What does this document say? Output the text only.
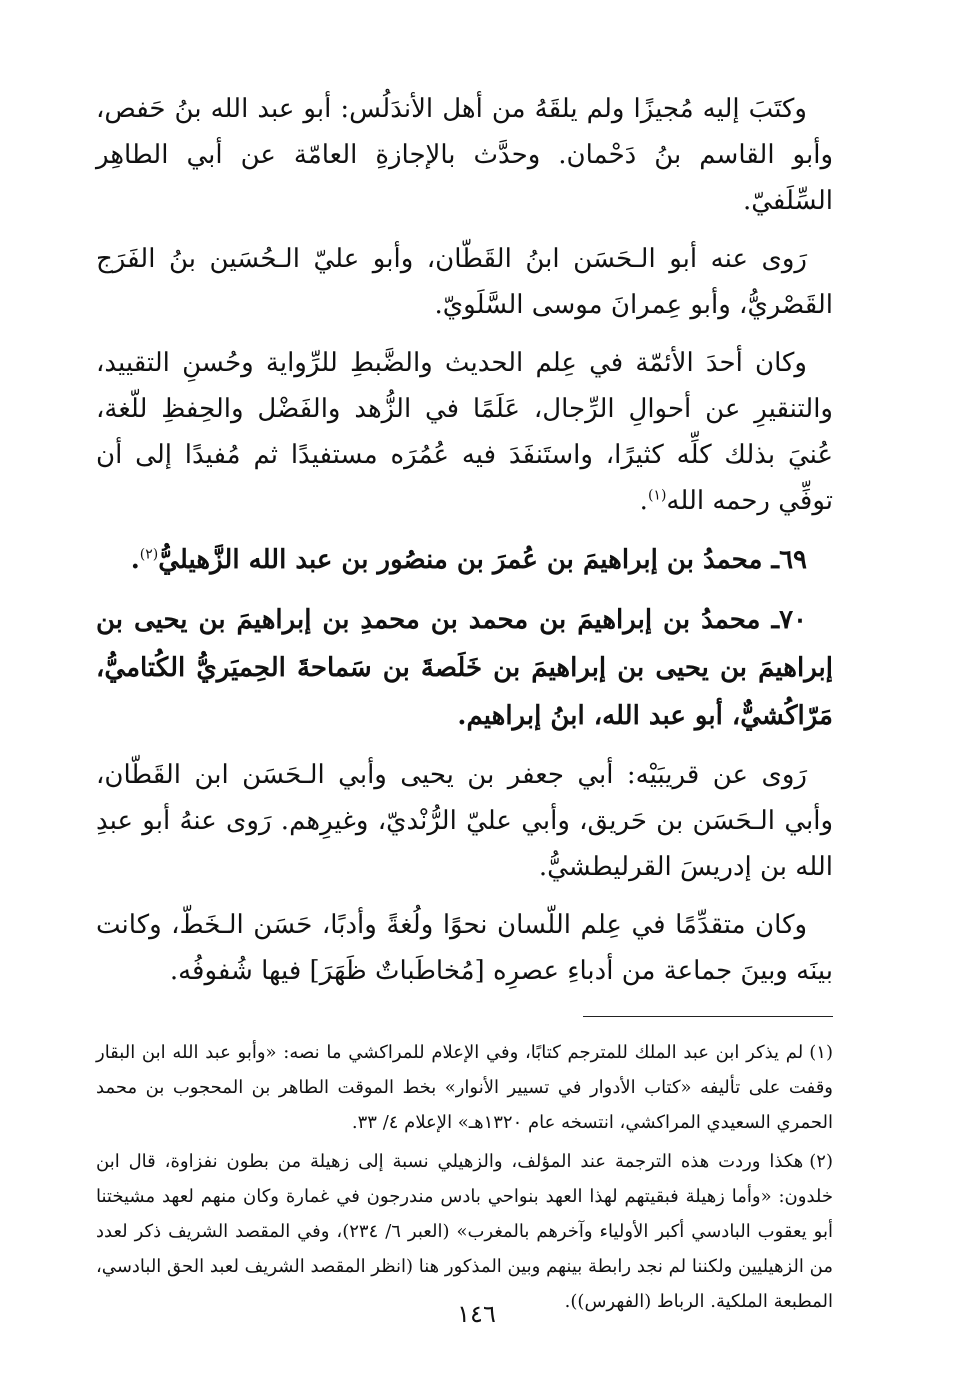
وكتَبَ إليه مُجيزًا ولم يلقَهُ من أهل الأندَلُس: أبو عبد الله بنُ حَفص، وأبو القاسم بنُ دَحْمان. وحدَّث بالإجازةِ العامّة عن أبي الطاهِر السِّلَفيّ.

رَوى عنه أبو الـحَسَن ابنُ القَطّان، وأبو عليّ الـحُسَين بنُ الفَرَج القَصْريُّ، وأبو عِمرانَ موسى السَّلَويّ.

وكان أحدَ الأئمّة في عِلم الحديث والضَّبطِ للرِّواية وحُسنِ التقييد، والتنقيرِ عن أحوالِ الرِّجال، عَلَمًا في الزُّهد والفَضْل والحِفظِ للّغة، عُنيَ بذلك كلِّه كثيرًا، واستَنفَدَ فيه عُمُرَه مستفيدًا ثم مُفيدًا إلى أن توفِّي رحمه الله$^{(١)}$.

٦٩ـ محمدُ بن إبراهيمَ بن عُمرَ بن منصُور بن عبد الله الزَّهيليُّ$^{(٢)}$.

٧٠ـ محمدُ بن إبراهيمَ بن محمد بن محمدِ بن إبراهيمَ بن يحيى بن إبراهيمَ بن يحيى بن إبراهيمَ بن خَلَصةَ بن سَماحةَ الحِميَريُّ الكُتاميُّ، مَرّاكُشيٌّ، أبو عبد الله، ابنُ إبراهيم.

رَوى عن قريبَيْه: أبي جعفر بن يحيى وأبي الـحَسَن ابن القَطّان، وأبي الـحَسَن بن حَريق، وأبي عليّ الرُّنْديّ، وغيرِهم. رَوى عنهُ أبو عبدِ الله بن إدريسَ القرليطشيُّ.

وكان متقدِّمًا في عِلم اللّسان نحوًا ولُغةً وأدبًا، حَسَن الـخَطّ، وكانت بينَه وبينَ جماعة من أدباءِ عصرِه [مُخاطَباتٌ ظَهَرَ] فيها شُفوفُه.

(١)لم يذكر ابن عبد الملك للمترجم كتابًا، وفي الإعلام للمراكشي ما نصه: «وأبو عبد الله ابن البقار وقفت على تأليفه «كتاب الأدوار في تسيير الأنوار» بخط الموقت الطاهر بن المحجوب بن محمد الحمري السعيدي المراكشي، انتسخه عام ١٣٢٠هـ» الإعلام ٤/ ٣٣.

(٢)هكذا وردت هذه الترجمة عند المؤلف، والزهيلي نسبة إلى زهيلة من بطون نفزاوة، قال ابن خلدون: «وأما زهيلة فبقيتهم لهذا العهد بنواحي بادس مندرجون في غمارة وكان منهم لعهد مشيختنا أبو يعقوب البادسي أكبر الأولياء وآخرهم بالمغرب» (العبر ٦/ ٢٣٤)، وفي المقصد الشريف ذكر لعدد من الزهيليين ولكننا لم نجد رابطة بينهم وبين المذكور هنا (انظر المقصد الشريف لعبد الحق البادسي، المطبعة الملكية. الرباط (الفهرس)).

١٤٦
